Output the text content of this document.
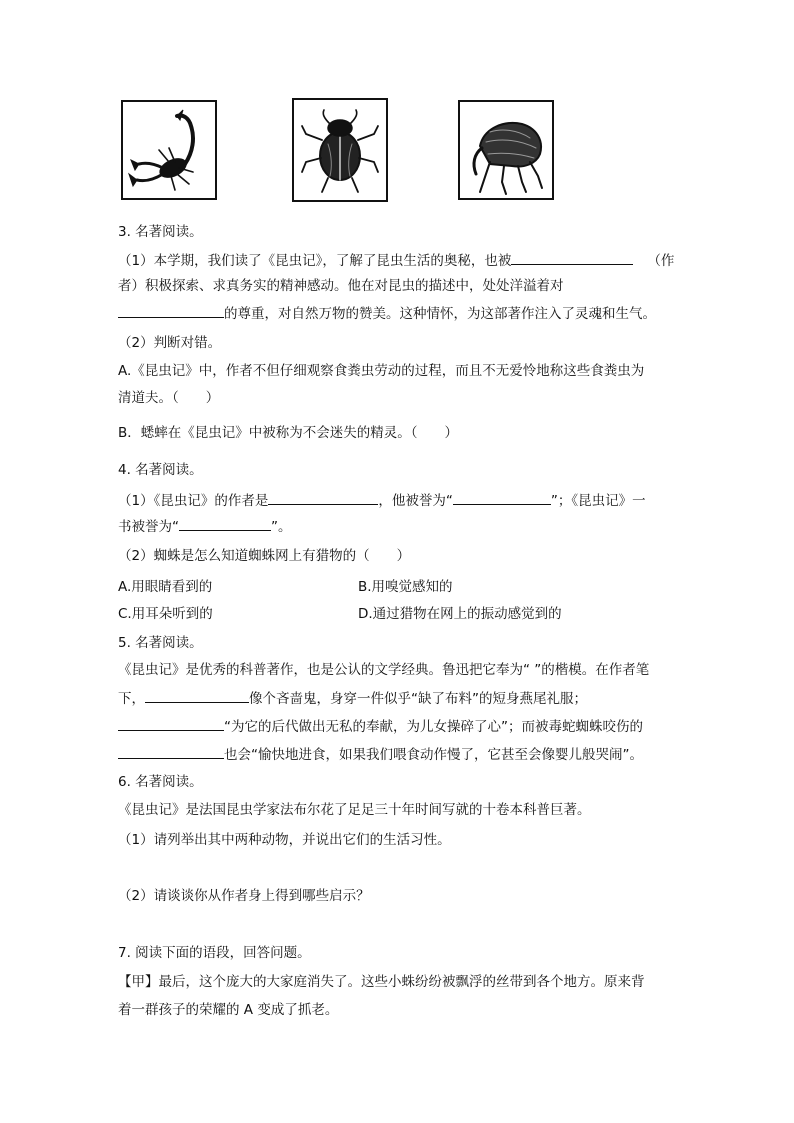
3. 名著阅读。
（1）本学期，我们读了《昆虫记》，了解了昆虫生活的奥秘，也被	（作
者）积极探索、求真务实的精神感动。他在对昆虫的描述中，处处洋溢着对
的尊重，对自然万物的赞美。这种情怀，为这部著作注入了灵魂和生气。
（2）判断对错。
A.《昆虫记》中，作者不但仔细观察食粪虫劳动的过程，而且不无爱怜地称这些食粪虫为
清道夫。（　　）
B．蟋蟀在《昆虫记》中被称为不会迷失的精灵。（　　）
4. 名著阅读。
（1）《昆虫记》的作者是	，他被誉为“	”；《昆虫记》一
书被誉为“	”。
（2）蜘蛛是怎么知道蜘蛛网上有猎物的（　　）
A.用眼睛看到的	B.用嗅觉感知的
C.用耳朵听到的	D.通过猎物在网上的振动感觉到的
5. 名著阅读。
《昆虫记》是优秀的科普著作，也是公认的文学经典。鲁迅把它奉为“ ”的楷模。在作者笔
下，	像个吝啬鬼，身穿一件似乎“缺了布料”的短身燕尾礼服；
“为它的后代做出无私的奉献，为儿女操碎了心”；而被毒蛇蜘蛛咬伤的
也会“愉快地进食，如果我们喂食动作慢了，它甚至会像婴儿般哭闹”。
6. 名著阅读。
《昆虫记》是法国昆虫学家法布尔花了足足三十年时间写就的十卷本科普巨著。
（1）请列举出其中两种动物，并说出它们的生活习性。
（2）请谈谈你从作者身上得到哪些启示？
7. 阅读下面的语段，回答问题。
【甲】最后，这个庞大的大家庭消失了。这些小蛛纷纷被飘浮的丝带到各个地方。原来背
着一群孩子的荣耀的 A 变成了抓老。
